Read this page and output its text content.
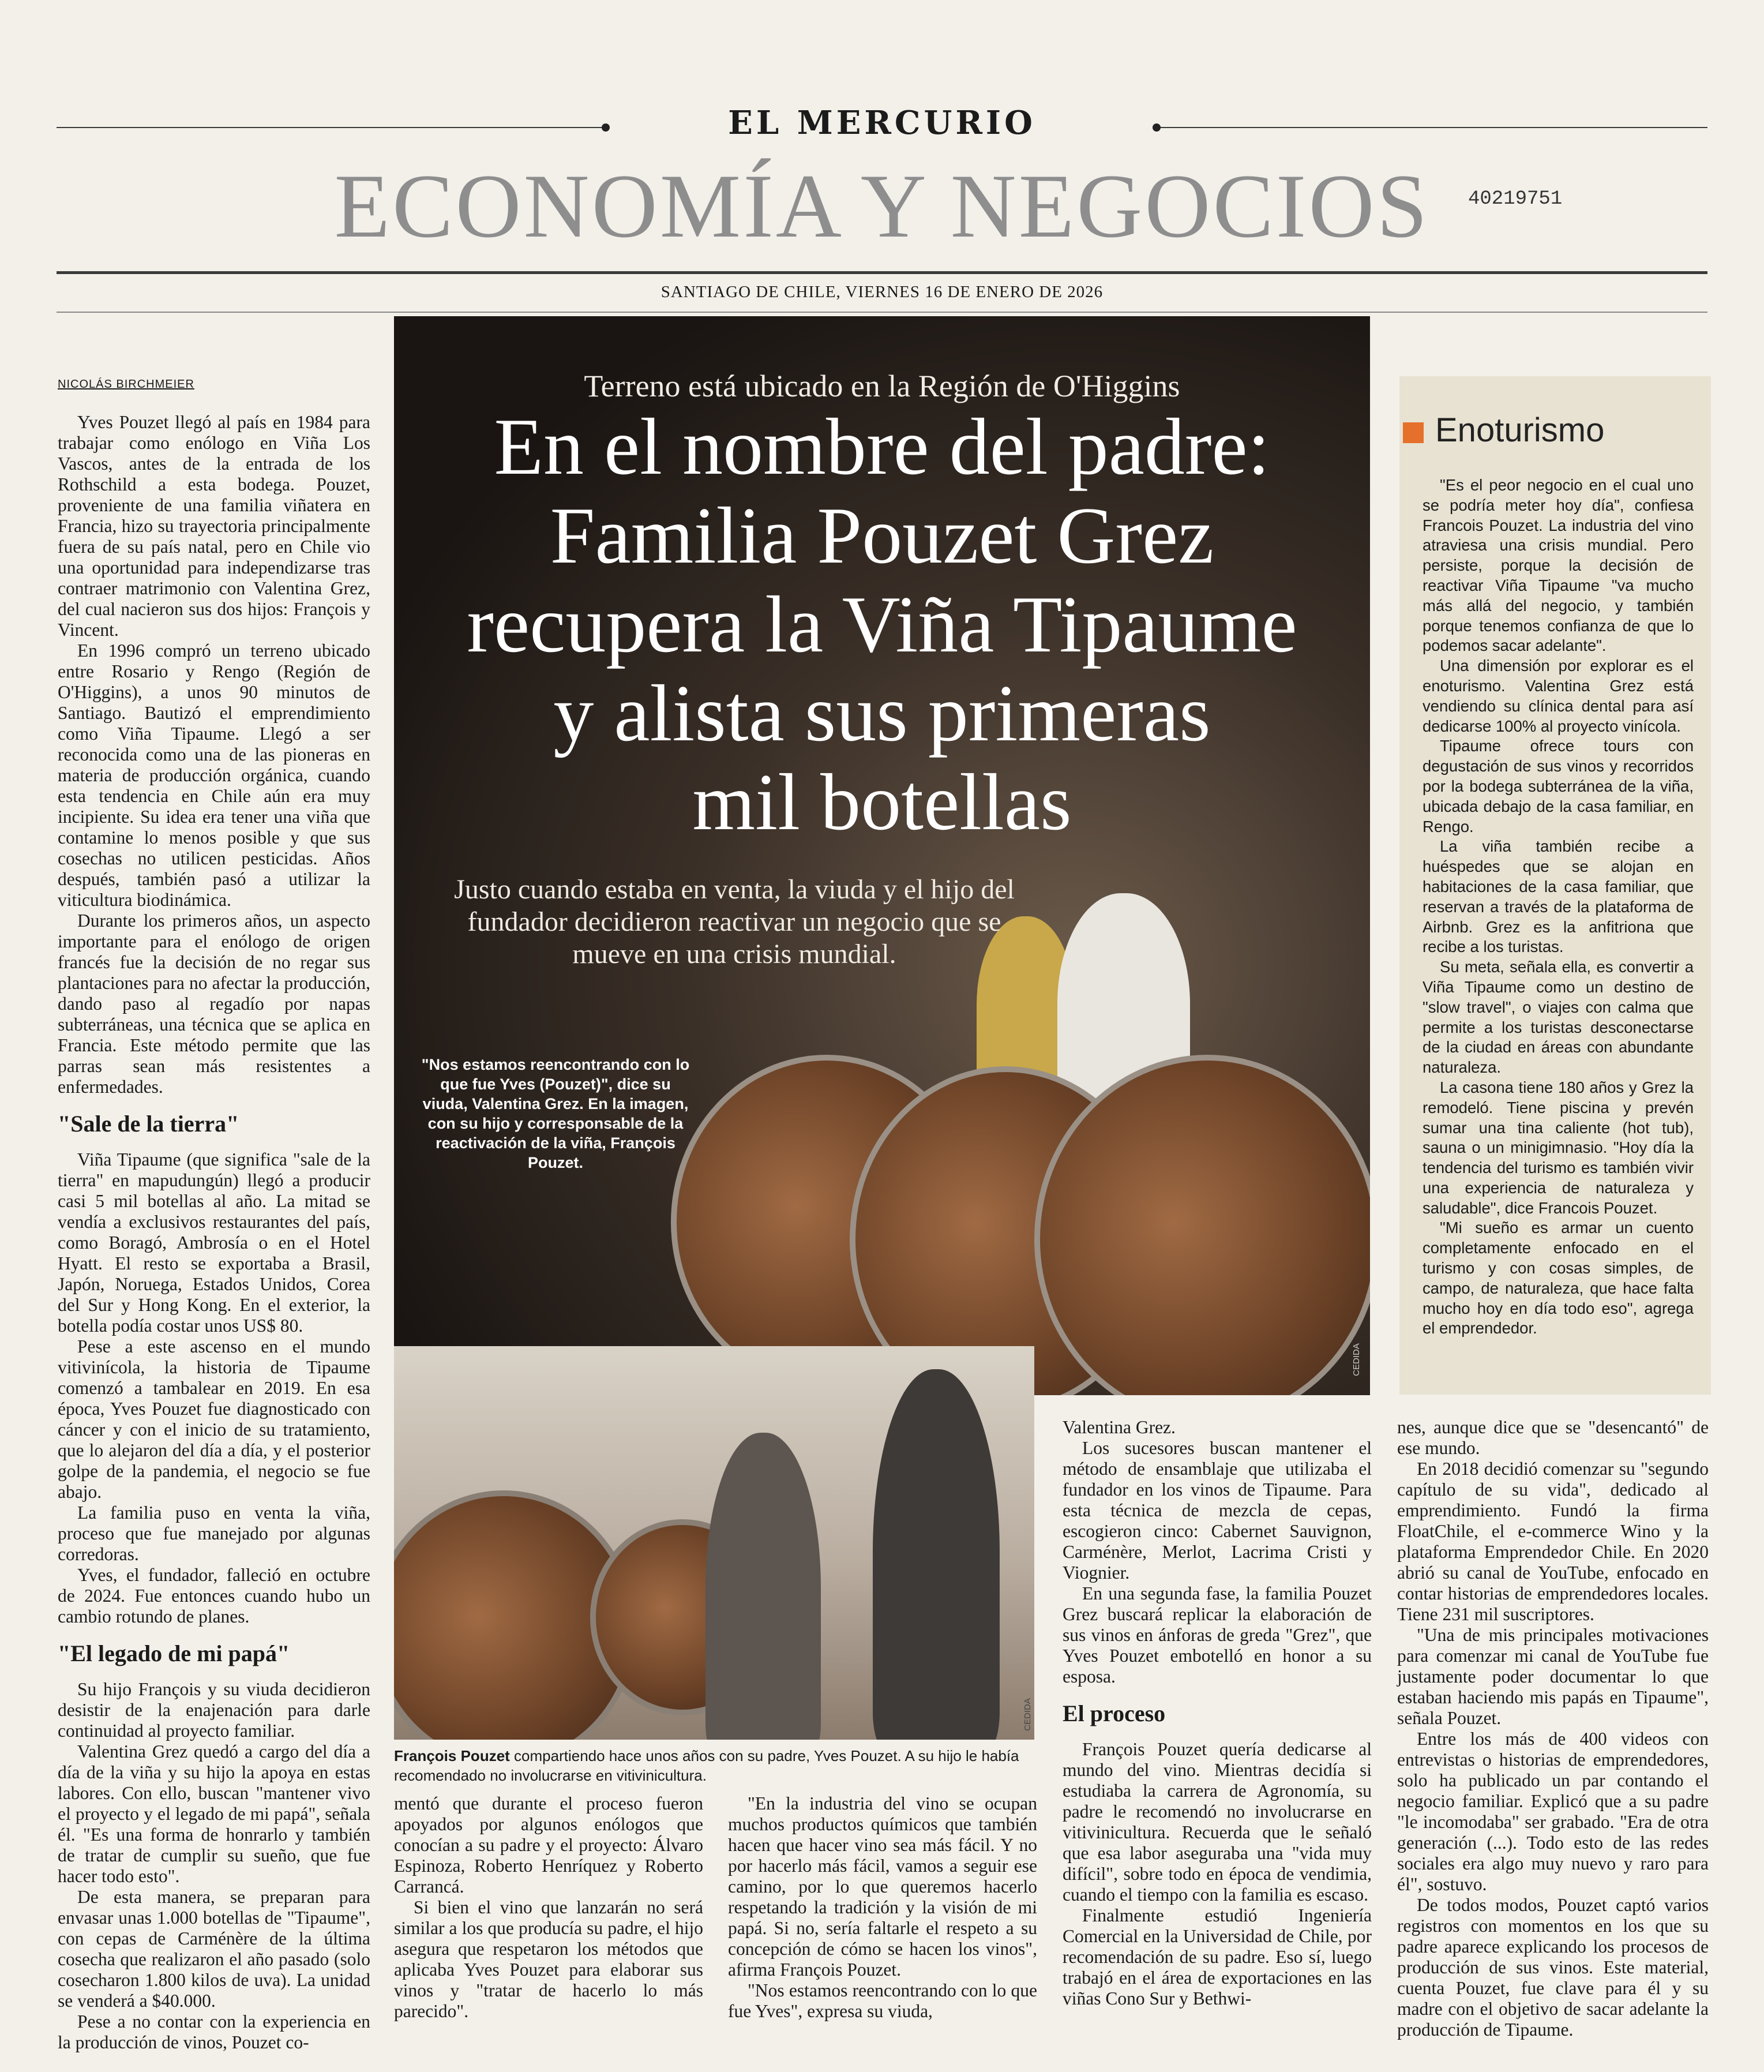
EL MERCURIO
ECONOMÍA Y NEGOCIOS	40219751
SANTIAGO DE CHILE, VIERNES 16 DE ENERO DE 2026
NICOLÁS BIRCHMEIER

Yves Pouzet llegó al país en 1984 para trabajar como enólogo en Viña Los Vascos, antes de la entrada de los Rothschild a esta bodega. Pouzet, proveniente de una familia viñatera en Francia, hizo su trayectoria principalmente fuera de su país natal, pero en Chile vio una oportunidad para independizarse tras contraer matrimonio con Valentina Grez, del cual nacieron sus dos hijos: François y Vincent.

En 1996 compró un terreno ubicado entre Rosario y Rengo (Región de O'Higgins), a unos 90 minutos de Santiago. Bautizó el emprendimiento como Viña Tipaume. Llegó a ser reconocida como una de las pioneras en materia de producción orgánica, cuando esta tendencia en Chile aún era muy incipiente. Su idea era tener una viña que contamine lo menos posible y que sus cosechas no utilicen pesticidas. Años después, también pasó a utilizar la viticultura biodinámica.

Durante los primeros años, un aspecto importante para el enólogo de origen francés fue la decisión de no regar sus plantaciones para no afectar la producción, dando paso al regadío por napas subterráneas, una técnica que se aplica en Francia. Este método permite que las parras sean más resistentes a enfermedades.

"Sale de la tierra"

Viña Tipaume (que significa "sale de la tierra" en mapudungún) llegó a producir casi 5 mil botellas al año. La mitad se vendía a exclusivos restaurantes del país, como Boragó, Ambrosía o en el Hotel Hyatt. El resto se exportaba a Brasil, Japón, Noruega, Estados Unidos, Corea del Sur y Hong Kong. En el exterior, la botella podía costar unos US$ 80.

Pese a este ascenso en el mundo vitivinícola, la historia de Tipaume comenzó a tambalear en 2019. En esa época, Yves Pouzet fue diagnosticado con cáncer y con el inicio de su tratamiento, que lo alejaron del día a día, y el posterior golpe de la pandemia, el negocio se fue abajo.

La familia puso en venta la viña, proceso que fue manejado por algunas corredoras.

Yves, el fundador, falleció en octubre de 2024. Fue entonces cuando hubo un cambio rotundo de planes.

"El legado de mi papá"

Su hijo François y su viuda decidieron desistir de la enajenación para darle continuidad al proyecto familiar.

Valentina Grez quedó a cargo del día a día de la viña y su hijo la apoya en estas labores. Con ello, buscan "mantener vivo el proyecto y el legado de mi papá", señala él. "Es una forma de honrarlo y también de tratar de cumplir su sueño, que fue hacer todo esto".

De esta manera, se preparan para envasar unas 1.000 botellas de "Tipaume", con cepas de Carménère de la última cosecha que realizaron el año pasado (solo cosecharon 1.800 kilos de uva). La unidad se venderá a $40.000.

Pese a no contar con la experiencia en la producción de vinos, Pouzet co-

Terreno está ubicado en la Región de O'Higgins
En el nombre del padre:
Familia Pouzet Grez
recupera la Viña Tipaume
y alista sus primeras
mil botellas
Justo cuando estaba en venta, la viuda y el hijo del fundador decidieron reactivar un negocio que se mueve en una crisis mundial.
"Nos estamos reencontrando con lo que fue Yves (Pouzet)", dice su viuda, Valentina Grez. En la imagen, con su hijo y corresponsable de la reactivación de la viña, François Pouzet.
CEDIDA
Enoturismo

"Es el peor negocio en el cual uno se podría meter hoy día", confiesa Francois Pouzet. La industria del vino atraviesa una crisis mundial. Pero persiste, porque la decisión de reactivar Viña Tipaume "va mucho más allá del negocio, y también porque tenemos confianza de que lo podemos sacar adelante".

Una dimensión por explorar es el enoturismo. Valentina Grez está vendiendo su clínica dental para así dedicarse 100% al proyecto vinícola.

Tipaume ofrece tours con degustación de sus vinos y recorridos por la bodega subterránea de la viña, ubicada debajo de la casa familiar, en Rengo.

La viña también recibe a huéspedes que se alojan en habitaciones de la casa familiar, que reservan a través de la plataforma de Airbnb. Grez es la anfitriona que recibe a los turistas.

Su meta, señala ella, es convertir a Viña Tipaume como un destino de "slow travel", o viajes con calma que permite a los turistas desconectarse de la ciudad en áreas con abundante naturaleza.

La casona tiene 180 años y Grez la remodeló. Tiene piscina y prevén sumar una tina caliente (hot tub), sauna o un minigimnasio. "Hoy día la tendencia del turismo es también vivir una experiencia de naturaleza y saludable", dice Francois Pouzet.

"Mi sueño es armar un cuento completamente enfocado en el turismo y con cosas simples, de campo, de naturaleza, que hace falta mucho hoy en día todo eso", agrega el emprendedor.

CEDIDA
François Pouzet compartiendo hace unos años con su padre, Yves Pouzet. A su hijo le había recomendado no involucrarse en vitivinicultura.

mentó que durante el proceso fueron apoyados por algunos enólogos que conocían a su padre y el proyecto: Álvaro Espinoza, Roberto Henríquez y Roberto Carrancá.

Si bien el vino que lanzarán no será similar a los que producía su padre, el hijo asegura que respetaron los métodos que aplicaba Yves Pouzet para elaborar sus vinos y "tratar de hacerlo lo más parecido".

"En la industria del vino se ocupan muchos productos químicos que también hacen que hacer vino sea más fácil. Y no por hacerlo más fácil, vamos a seguir ese camino, por lo que queremos hacerlo respetando la tradición y la visión de mi papá. Si no, sería faltarle el respeto a su concepción de cómo se hacen los vinos", afirma François Pouzet.

"Nos estamos reencontrando con lo que fue Yves", expresa su viuda,

Valentina Grez.

Los sucesores buscan mantener el método de ensamblaje que utilizaba el fundador en los vinos de Tipaume. Para esta técnica de mezcla de cepas, escogieron cinco: Cabernet Sauvignon, Carménère, Merlot, Lacrima Cristi y Viognier.

En una segunda fase, la familia Pouzet Grez buscará replicar la elaboración de sus vinos en ánforas de greda "Grez", que Yves Pouzet embotelló en honor a su esposa.

El proceso

François Pouzet quería dedicarse al mundo del vino. Mientras decidía si estudiaba la carrera de Agronomía, su padre le recomendó no involucrarse en vitivinicultura. Recuerda que le señaló que esa labor aseguraba una "vida muy difícil", sobre todo en época de vendimia, cuando el tiempo con la familia es escaso.

Finalmente estudió Ingeniería Comercial en la Universidad de Chile, por recomendación de su padre. Eso sí, luego trabajó en el área de exportaciones en las viñas Cono Sur y Bethwi-

nes, aunque dice que se "desencantó" de ese mundo.

En 2018 decidió comenzar su "segundo capítulo de su vida", dedicado al emprendimiento. Fundó la firma FloatChile, el e-commerce Wino y la plataforma Emprendedor Chile. En 2020 abrió su canal de YouTube, enfocado en contar historias de emprendedores locales. Tiene 231 mil suscriptores.

"Una de mis principales motivaciones para comenzar mi canal de YouTube fue justamente poder documentar lo que estaban haciendo mis papás en Tipaume", señala Pouzet.

Entre los más de 400 videos con entrevistas o historias de emprendedores, solo ha publicado un par contando el negocio familiar. Explicó que a su padre "le incomodaba" ser grabado. "Era de otra generación (...). Todo esto de las redes sociales era algo muy nuevo y raro para él", sostuvo.

De todos modos, Pouzet captó varios registros con momentos en los que su padre aparece explicando los procesos de producción de sus vinos. Este material, cuenta Pouzet, fue clave para él y su madre con el objetivo de sacar adelante la producción de Tipaume.
